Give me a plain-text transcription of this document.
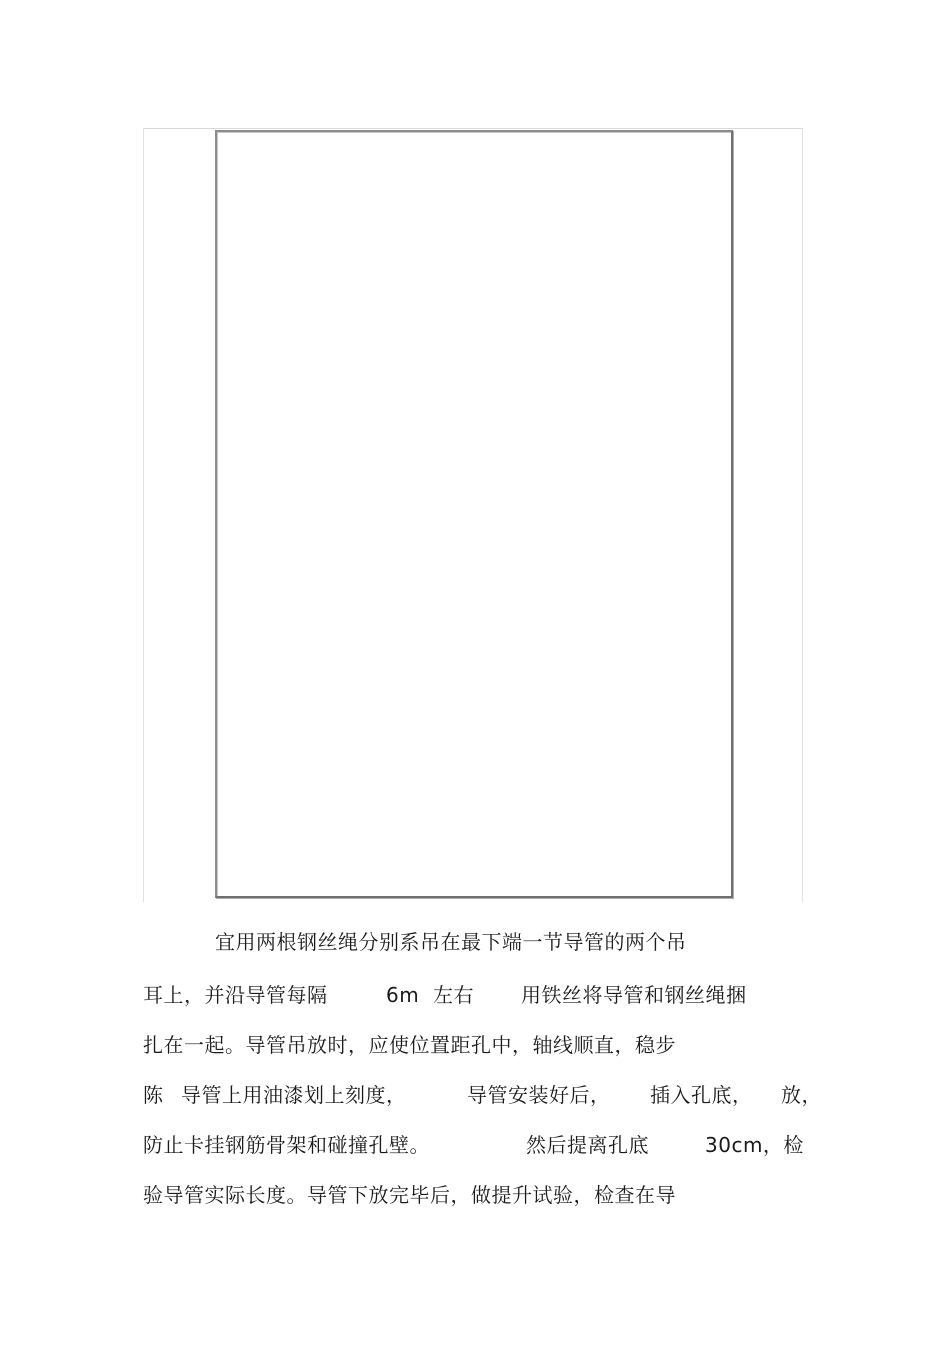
宜用两根钢丝绳分别系吊在最下端一节导管的两个吊

耳上，并沿导管每隔

	6m

左右

用铁丝将导管和钢丝绳捆

扎在一起。导管吊放时，应使位置距孔中，轴线顺直，稳步

陈

导管上用油漆划上刻度，

	导管安装好后，

插入孔底，

放，

防止卡挂钢筋骨架和碰撞孔壁。

	然后提离孔底

	30cm，检

验导管实际长度。导管下放完毕后，做提升试验，检查在导
